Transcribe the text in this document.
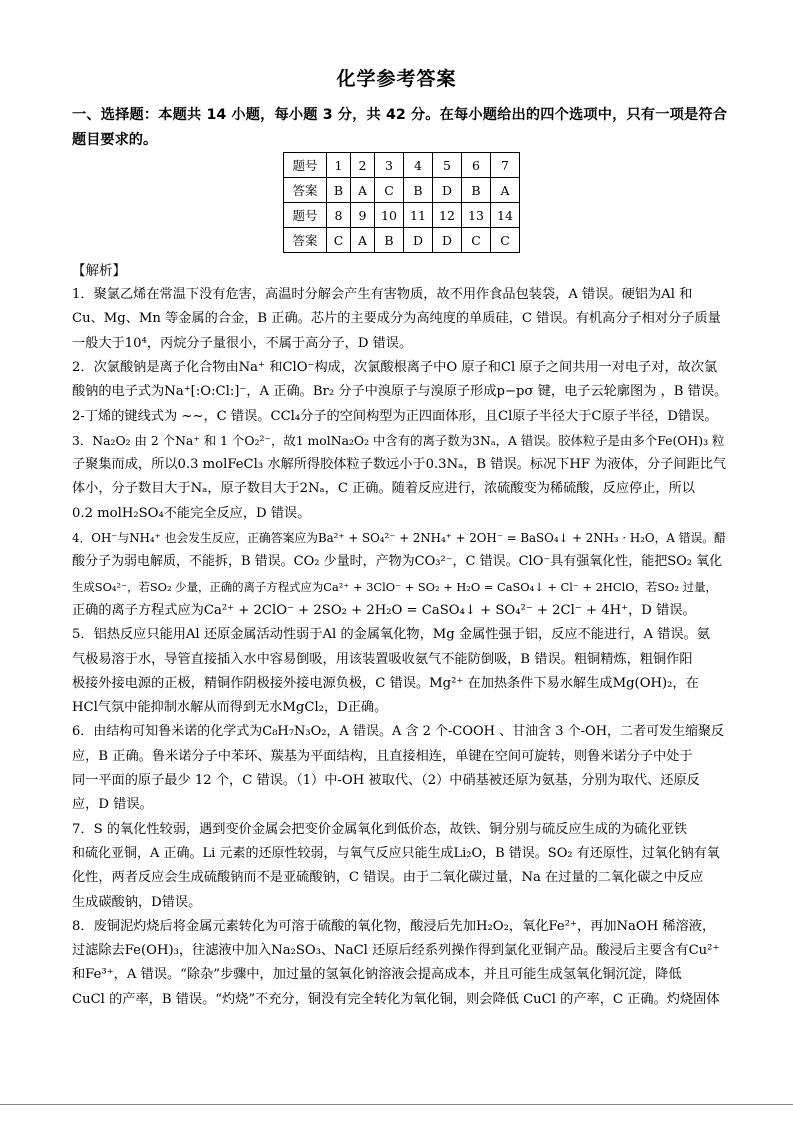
化学参考答案
一、选择题：本题共 14 小题，每小题 3 分，共 42 分。在每小题给出的四个选项中，只有一项是符合题目要求的。
题号	1	2	3	4	5	6	7
答案	B	A	C	B	D	B	A
题号	8	9	10	11	12	13	14
答案	C	A	B	D	D	C	C
【解析】
1．聚氯乙烯在常温下没有危害，高温时分解会产生有害物质，故不用作食品包装袋，A 错误。硬铝为Al 和
Cu、Mg、Mn 等金属的合金，B 正确。芯片的主要成分为高纯度的单质硅，C 错误。有机高分子相对分子质量
一般大于10⁴，丙烷分子量很小，不属于高分子，D 错误。
2．次氯酸钠是离子化合物由Na⁺ 和ClO⁻构成，次氯酸根离子中O 原子和Cl 原子之间共用一对电子对，故次氯
酸钠的电子式为Na⁺[:O:Cl:]⁻，A 正确。Br₂ 分子中溴原子与溴原子形成p−pσ 键，电子云轮廓图为 ，B 错误。
2-丁烯的键线式为 ~~，C 错误。CCl₄分子的空间构型为正四面体形，且Cl原子半径大于C原子半径，D错误。
3．Na₂O₂ 由 2 个Na⁺ 和 1 个O₂²⁻，故1 molNa₂O₂ 中含有的离子数为3Nₐ，A 错误。胶体粒子是由多个Fe(OH)₃ 粒
子聚集而成，所以0.3 molFeCl₃ 水解所得胶体粒子数远小于0.3Nₐ，B 错误。标况下HF 为液体，分子间距比气
体小，分子数目大于Nₐ，原子数目大于2Nₐ，C 正确。随着反应进行，浓硫酸变为稀硫酸，反应停止，所以
0.2 molH₂SO₄不能完全反应，D 错误。
4．OH⁻与NH₄⁺ 也会发生反应，正确答案应为Ba²⁺ + SO₄²⁻ + 2NH₄⁺ + 2OH⁻ = BaSO₄↓ + 2NH₃ · H₂O，A 错误。醋
酸分子为弱电解质，不能拆，B 错误。CO₂ 少量时，产物为CO₃²⁻，C 错误。ClO⁻具有强氧化性，能把SO₂ 氧化
生成SO₄²⁻，若SO₂ 少量，正确的离子方程式应为Ca²⁺ + 3ClO⁻ + SO₂ + H₂O = CaSO₄↓ + Cl⁻ + 2HClO，若SO₂ 过量，
正确的离子方程式应为Ca²⁺ + 2ClO⁻ + 2SO₂ + 2H₂O = CaSO₄↓ + SO₄²⁻ + 2Cl⁻ + 4H⁺，D 错误。
5．铝热反应只能用Al 还原金属活动性弱于Al 的金属氧化物，Mg 金属性强于铝，反应不能进行，A 错误。氨
气极易溶于水，导管直接插入水中容易倒吸，用该装置吸收氨气不能防倒吸，B 错误。粗铜精炼，粗铜作阳
极接外接电源的正极，精铜作阴极接外接电源负极，C 错误。Mg²⁺ 在加热条件下易水解生成Mg(OH)₂，在
HCl气氛中能抑制水解从而得到无水MgCl₂，D正确。
6．由结构可知鲁米诺的化学式为C₈H₇N₃O₂，A 错误。A 含 2 个-COOH 、甘油含 3 个-OH，二者可发生缩聚反
应，B 正确。鲁米诺分子中苯环、羰基为平面结构，且直接相连，单键在空间可旋转，则鲁米诺分子中处于
同一平面的原子最少 12 个，C 错误。（1）中-OH 被取代、（2）中硝基被还原为氨基，分别为取代、还原反
应，D 错误。
7．S 的氧化性较弱，遇到变价金属会把变价金属氧化到低价态，故铁、铜分别与硫反应生成的为硫化亚铁
和硫化亚铜，A 正确。Li 元素的还原性较弱，与氧气反应只能生成Li₂O，B 错误。SO₂ 有还原性，过氧化钠有氧
化性，两者反应会生成硫酸钠而不是亚硫酸钠，C 错误。由于二氧化碳过量，Na 在过量的二氧化碳之中反应
生成碳酸钠，D错误。
8．废铜泥灼烧后将金属元素转化为可溶于硫酸的氧化物，酸浸后先加H₂O₂，氧化Fe²⁺，再加NaOH 稀溶液，
过滤除去Fe(OH)₃，往滤液中加入Na₂SO₃、NaCl 还原后经系列操作得到氯化亚铜产品。酸浸后主要含有Cu²⁺
和Fe³⁺，A 错误。“除杂”步骤中，加过量的氢氧化钠溶液会提高成本，并且可能生成氢氧化铜沉淀，降低
CuCl 的产率，B 错误。“灼烧”不充分，铜没有完全转化为氧化铜，则会降低 CuCl 的产率，C 正确。灼烧固体
